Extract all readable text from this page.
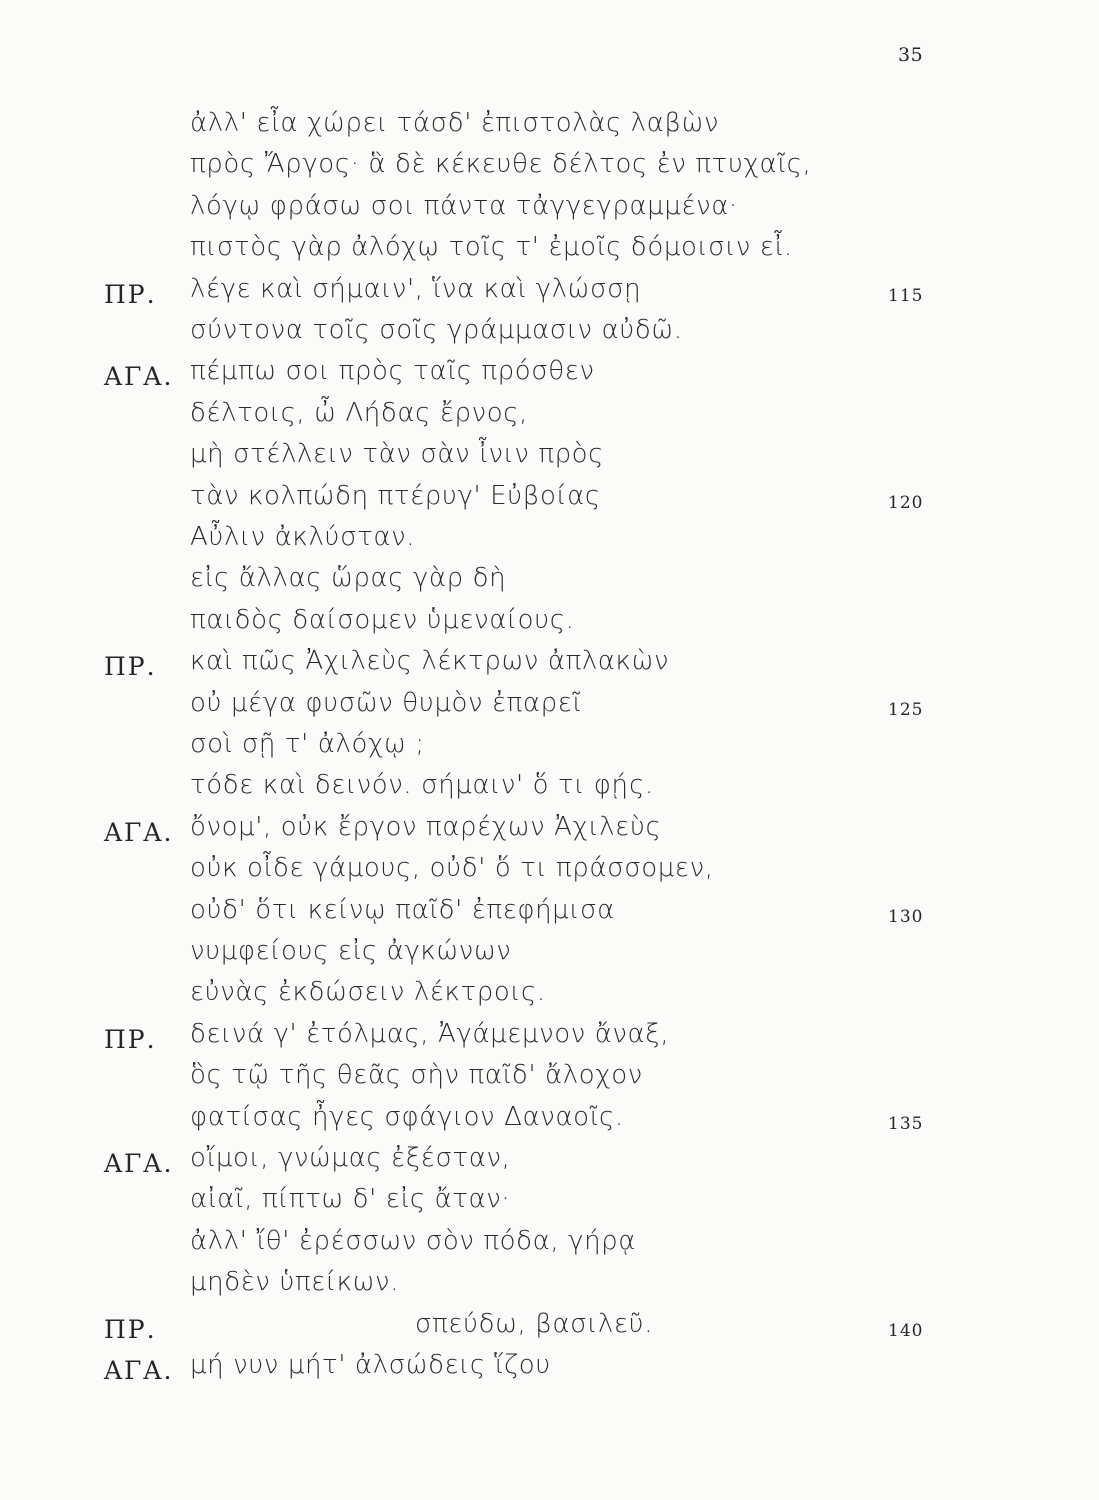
35
ἀλλ' εἶα χώρει τάσδ' ἐπιστολὰς λαβὼν
πρὸς Ἄργος· ἃ δὲ κέκευθε δέλτος ἐν πτυχαῖς,
λόγῳ φράσω σοι πάντα τἀγγεγραμμένα·
πιστὸς γὰρ ἀλόχῳ τοῖς τ' ἐμοῖς δόμοισιν εἶ.
ΠΡ. λέγε καὶ σήμαιν', ἵνα καὶ γλώσσῃ	115
σύντονα τοῖς σοῖς γράμμασιν αὐδῶ.
ΑΓΑ. πέμπω σοι πρὸς ταῖς πρόσθεν
δέλτοις, ὦ Λήδας ἔρνος,
μὴ στέλλειν τὰν σὰν ἶνιν πρὸς
τὰν κολπώδη πτέρυγ' Εὐβοίας	120
Αὖλιν ἀκλύσταν.
εἰς ἄλλας ὥρας γὰρ δὴ
παιδὸς δαίσομεν ὑμεναίους.
ΠΡ. καὶ πῶς Ἀχιλεὺς λέκτρων ἀπλακὼν
οὐ μέγα φυσῶν θυμὸν ἐπαρεῖ	125
σοὶ σῇ τ' ἀλόχῳ ;
τόδε καὶ δεινόν. σήμαιν' ὅ τι φῄς.
ΑΓΑ. ὄνομ', οὐκ ἔργον παρέχων Ἀχιλεὺς
οὐκ οἶδε γάμους, οὐδ' ὅ τι πράσσομεν,
οὐδ' ὅτι κείνῳ παῖδ' ἐπεφήμισα	130
νυμφείους εἰς ἀγκώνων
εὐνὰς ἐκδώσειν λέκτροις.
ΠΡ. δεινά γ' ἐτόλμας, Ἀγάμεμνον ἄναξ,
ὃς τῷ τῆς θεᾶς σὴν παῖδ' ἄλοχον
φατίσας ἦγες σφάγιον Δαναοῖς.	135
ΑΓΑ. οἴμοι, γνώμας ἐξέσταν,
αἰαῖ, πίπτω δ' εἰς ἄταν·
ἀλλ' ἴθ' ἐρέσσων σὸν πόδα, γήρᾳ
μηδὲν ὑπείκων.
ΠΡ.	σπεύδω, βασιλεῦ.	140
ΑΓΑ. μή νυν μήτ' ἀλσώδεις ἵζου
